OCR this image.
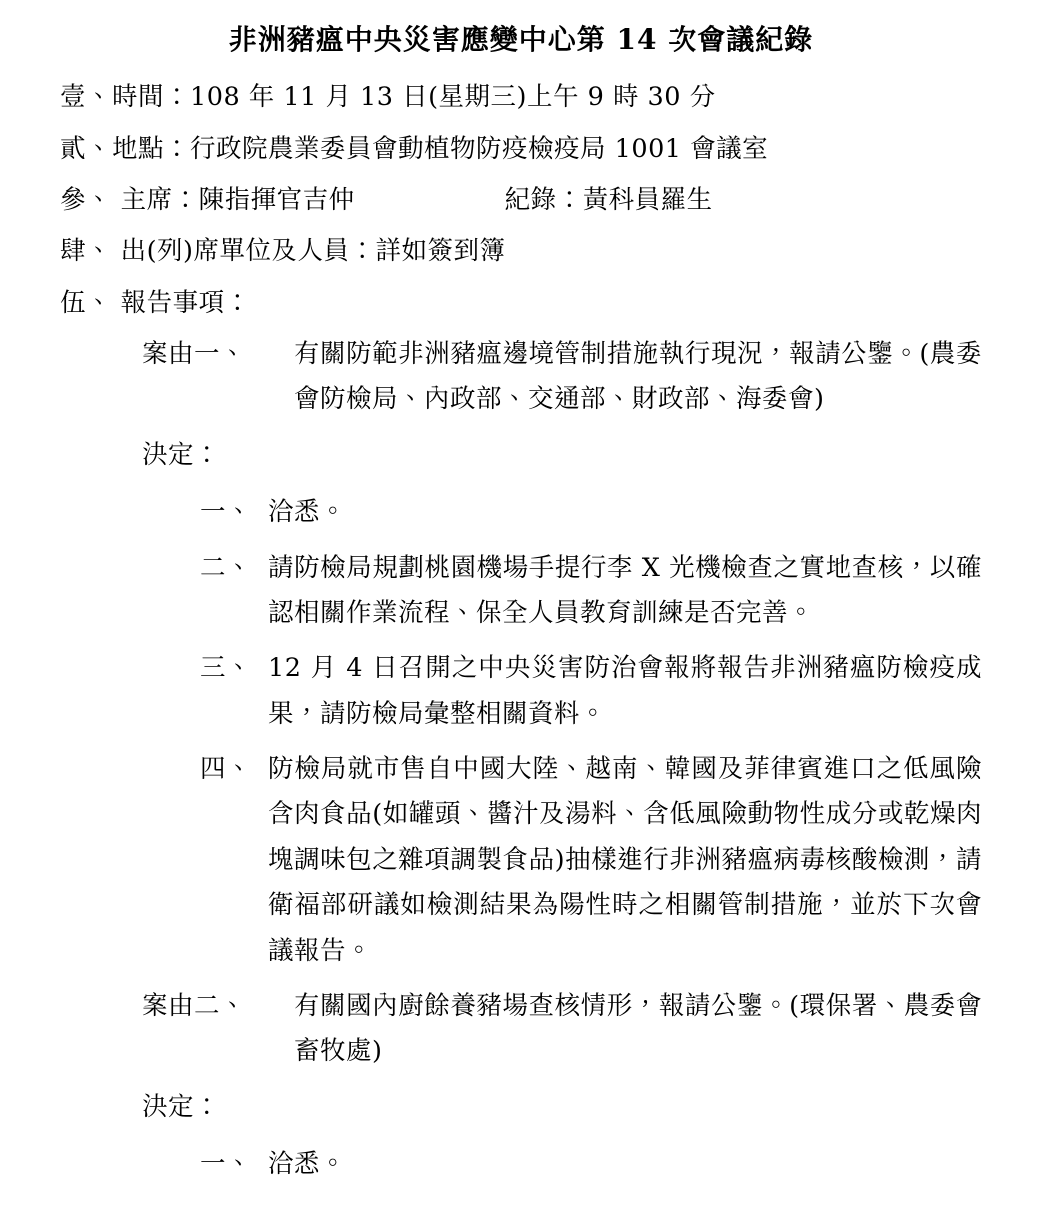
非洲豬瘟中央災害應變中心第 14 次會議紀錄
壹、時間：108 年 11 月 13 日(星期三)上午 9 時 30 分
貳、地點：行政院農業委員會動植物防疫檢疫局 1001 會議室
參、 主席：陳指揮官吉仲	紀錄：黃科員羅生
肆、 出(列)席單位及人員：詳如簽到簿
伍、 報告事項：
案由一、	有關防範非洲豬瘟邊境管制措施執行現況，報請公鑒。(農委會防檢局、內政部、交通部、財政部、海委會)
決定：
一、 洽悉。
二、 請防檢局規劃桃園機場手提行李 X 光機檢查之實地查核，以確認相關作業流程、保全人員教育訓練是否完善。
三、 12 月 4 日召開之中央災害防治會報將報告非洲豬瘟防檢疫成果，請防檢局彙整相關資料。
四、 防檢局就市售自中國大陸、越南、韓國及菲律賓進口之低風險含肉食品(如罐頭、醬汁及湯料、含低風險動物性成分或乾燥肉塊調味包之雜項調製食品)抽樣進行非洲豬瘟病毒核酸檢測，請衛福部研議如檢測結果為陽性時之相關管制措施，並於下次會議報告。
案由二、	有關國內廚餘養豬場查核情形，報請公鑒。(環保署、農委會畜牧處)
決定：
一、 洽悉。
